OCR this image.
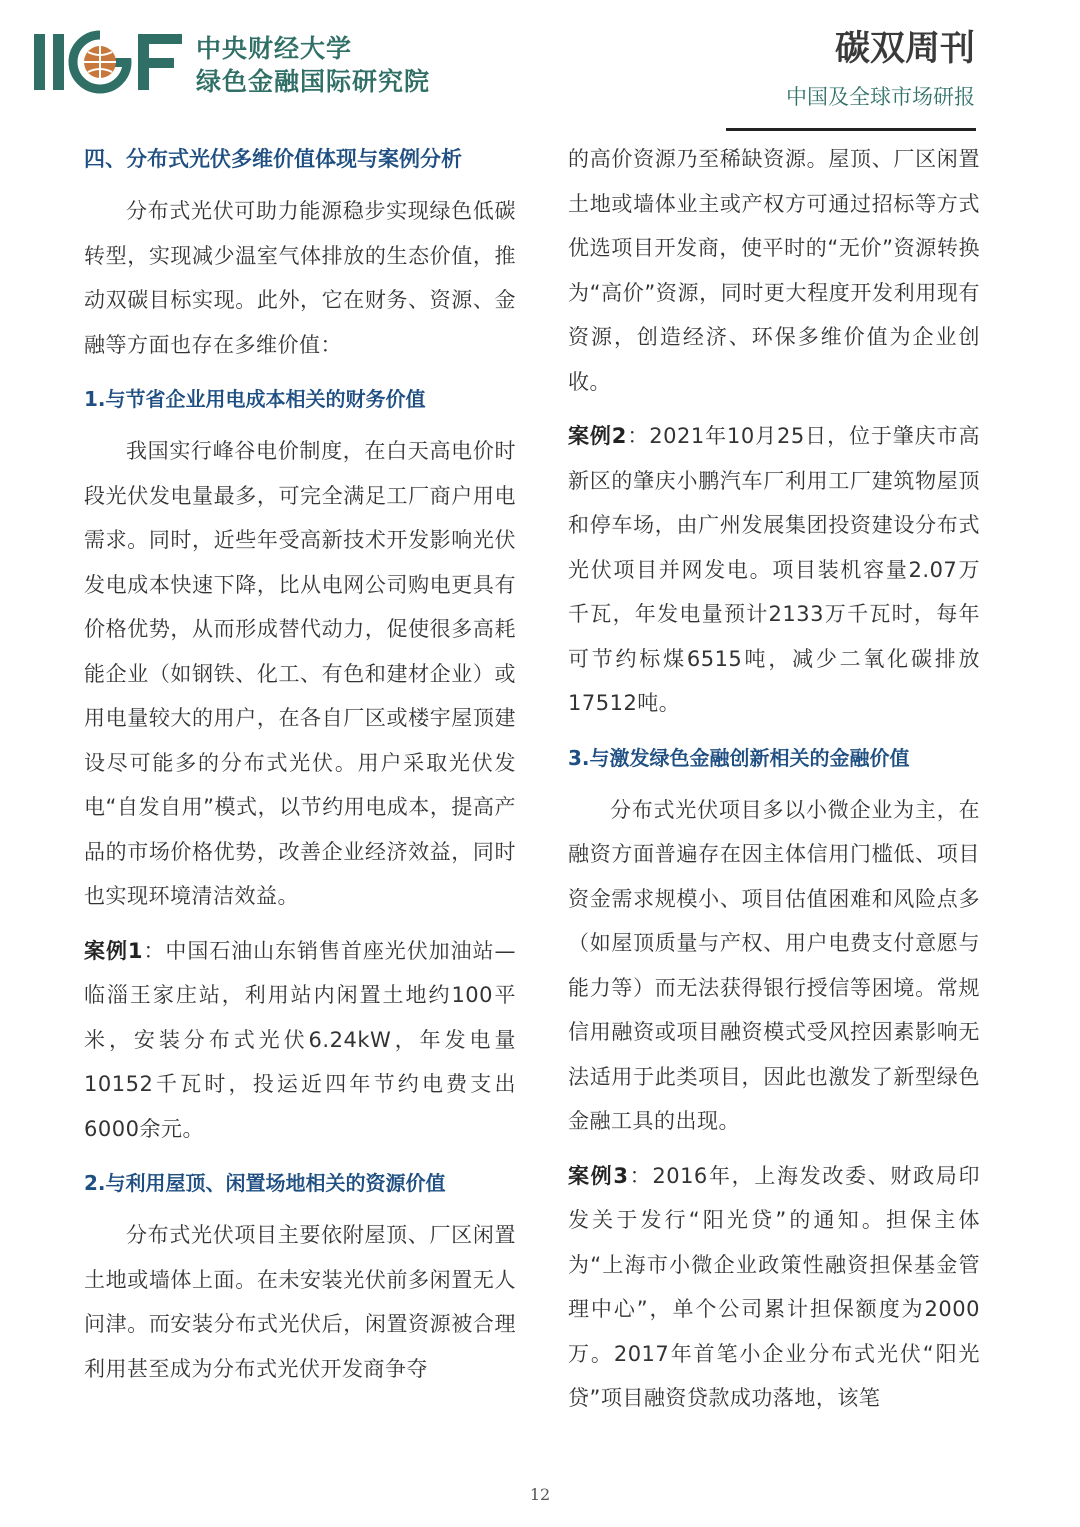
中央财经大学
绿色金融国际研究院
碳双周刊
中国及全球市场研报
四、分布式光伏多维价值体现与案例分析

分布式光伏可助力能源稳步实现绿色低碳转型，实现减少温室气体排放的生态价值，推动双碳目标实现。此外，它在财务、资源、金融等方面也存在多维价值：

1.与节省企业用电成本相关的财务价值

我国实行峰谷电价制度，在白天高电价时段光伏发电量最多，可完全满足工厂商户用电需求。同时，近些年受高新技术开发影响光伏发电成本快速下降，比从电网公司购电更具有价格优势，从而形成替代动力，促使很多高耗能企业（如钢铁、化工、有色和建材企业）或用电量较大的用户，在各自厂区或楼宇屋顶建设尽可能多的分布式光伏。用户采取光伏发电“自发自用”模式，以节约用电成本，提高产品的市场价格优势，改善企业经济效益，同时也实现环境清洁效益。

案例1：中国石油山东销售首座光伏加油站—临淄王家庄站，利用站内闲置土地约100平米，安装分布式光伏6.24kW，年发电量10152千瓦时，投运近四年节约电费支出6000余元。

2.与利用屋顶、闲置场地相关的资源价值

分布式光伏项目主要依附屋顶、厂区闲置土地或墙体上面。在未安装光伏前多闲置无人问津。而安装分布式光伏后，闲置资源被合理利用甚至成为分布式光伏开发商争夺

的高价资源乃至稀缺资源。屋顶、厂区闲置土地或墙体业主或产权方可通过招标等方式优选项目开发商，使平时的“无价”资源转换为“高价”资源，同时更大程度开发利用现有资源，创造经济、环保多维价值为企业创收。

案例2：2021年10月25日，位于肇庆市高新区的肇庆小鹏汽车厂利用工厂建筑物屋顶和停车场，由广州发展集团投资建设分布式光伏项目并网发电。项目装机容量2.07万千瓦，年发电量预计2133万千瓦时，每年可节约标煤6515吨，减少二氧化碳排放17512吨。

3.与激发绿色金融创新相关的金融价值

分布式光伏项目多以小微企业为主，在融资方面普遍存在因主体信用门槛低、项目资金需求规模小、项目估值困难和风险点多（如屋顶质量与产权、用户电费支付意愿与能力等）而无法获得银行授信等困境。常规信用融资或项目融资模式受风控因素影响无法适用于此类项目，因此也激发了新型绿色金融工具的出现。

案例3：2016年，上海发改委、财政局印发关于发行“阳光贷”的通知。担保主体为“上海市小微企业政策性融资担保基金管理中心”，单个公司累计担保额度为2000万。2017年首笔小企业分布式光伏“阳光贷”项目融资贷款成功落地，该笔

12
